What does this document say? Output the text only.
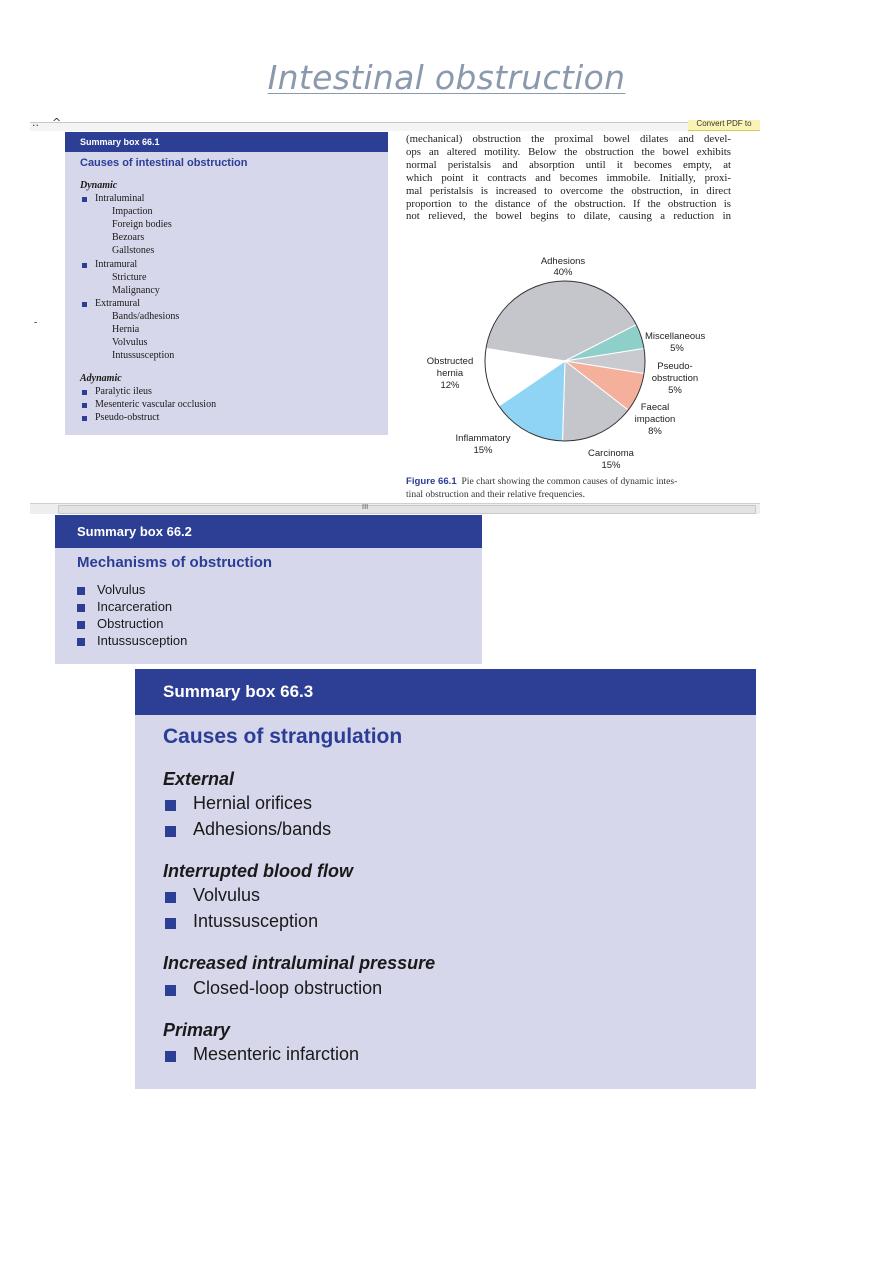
Intestinal obstruction
.. ^
-
Convert PDF to
Summary box 66.1
Causes of intestinal obstruction
Dynamic
Intraluminal
Impaction
Foreign bodies
Bezoars
Gallstones
Intramural
Stricture
Malignancy
Extramural
Bands/adhesions
Hernia
Volvulus
Intussusception
Adynamic
Paralytic ileus
Mesenteric vascular occlusion
Pseudo-obstruct
(mechanical) obstruction the proximal bowel dilates and devel-
ops an altered motility. Below the obstruction the bowel exhibits
normal peristalsis and absorption until it becomes empty, at
which point it contracts and becomes immobile. Initially, proxi-
mal peristalsis is increased to overcome the obstruction, in direct
proportion to the distance of the obstruction. If the obstruction is
not relieved, the bowel begins to dilate, causing a reduction in
Adhesions
40%
Miscellaneous
5%
Pseudo-
obstruction
5%
Faecal
impaction
8%
Carcinoma
15%
Inflammatory
15%
Obstructed
hernia
12%
Figure 66.1 Pie chart showing the common causes of dynamic intes-
tinal obstruction and their relative frequencies.
III
Summary box 66.2
Mechanisms of obstruction
Volvulus
Incarceration
Obstruction
Intussusception
Summary box 66.3
Causes of strangulation
External
Hernial orifices
Adhesions/bands
Interrupted blood flow
Volvulus
Intussusception
Increased intraluminal pressure
Closed-loop obstruction
Primary
Mesenteric infarction
